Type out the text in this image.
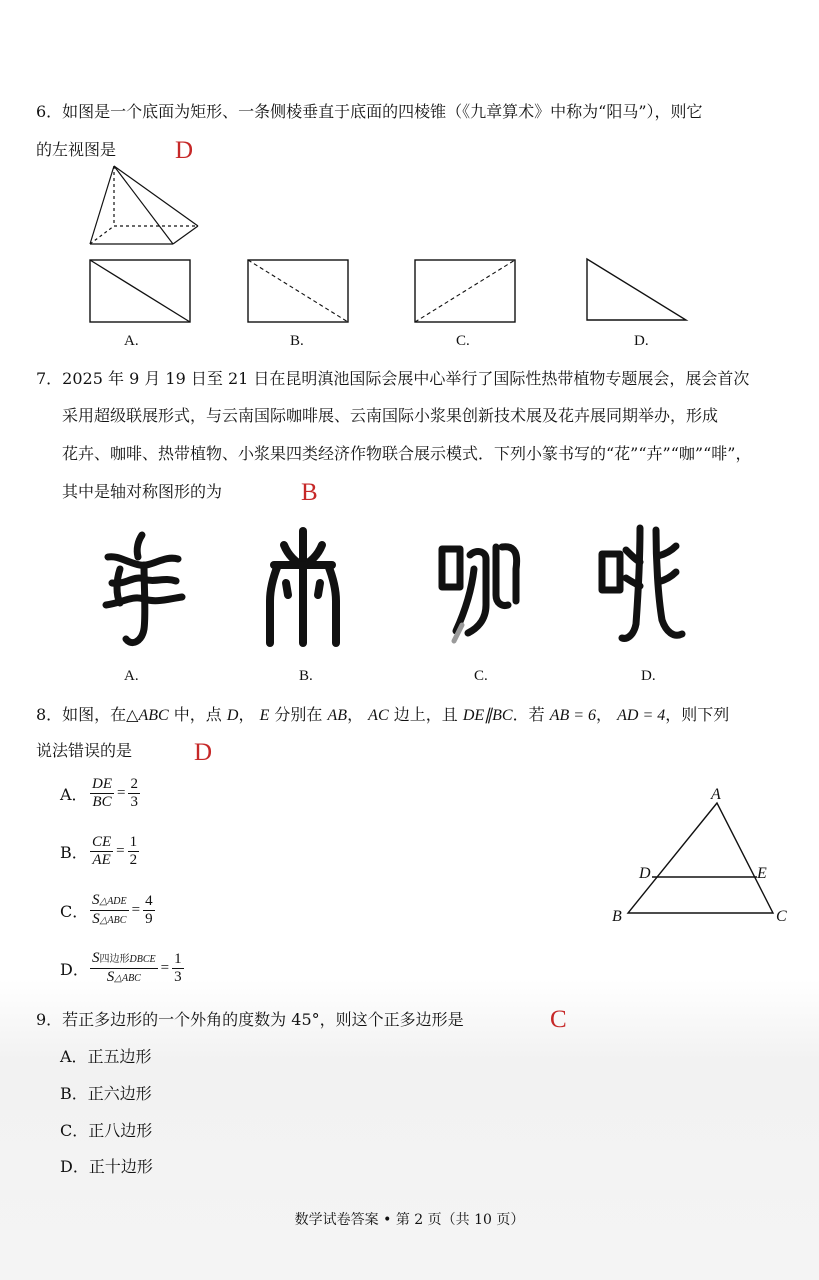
6．如图是一个底面为矩形、一条侧棱垂直于底面的四棱锥（《九章算术》中称为“阳马”），则它
的左视图是 D
A.	B.	C.	D.
7．2025 年 9 月 19 日至 21 日在昆明滇池国际会展中心举行了国际性热带植物专题展会，展会首次
采用超级联展形式，与云南国际咖啡展、云南国际小浆果创新技术展及花卉展同期举办，形成
花卉、咖啡、热带植物、小浆果四类经济作物联合展示模式．下列小篆书写的“花”“卉”“咖”“啡”，
其中是轴对称图形的为	B
A.	B.	C.	D.
8．如图，在△ABC 中，点 D， E 分别在 AB， AC 边上，且 DE∥BC．若 AB = 6， AD = 4，则下列
说法错误的是 D
A． $\frac{DE}{BC} = \frac{2}{3}$
B． $\frac{CE}{AE} = \frac{1}{2}$
C． $\frac{\text{S△ADE}}{\text{S△ABC}} = \frac{4}{9}$
D． $\frac{\text{S四边形DBCE}}{\text{S△ABC}} = \frac{1}{3}$
A
B	C
D	E
9．若正多边形的一个外角的度数为 45°，则这个正多边形是	C
A．正五边形
B．正六边形
C．正八边形
D．正十边形
数学试卷答案 • 第 2 页（共 10 页）
